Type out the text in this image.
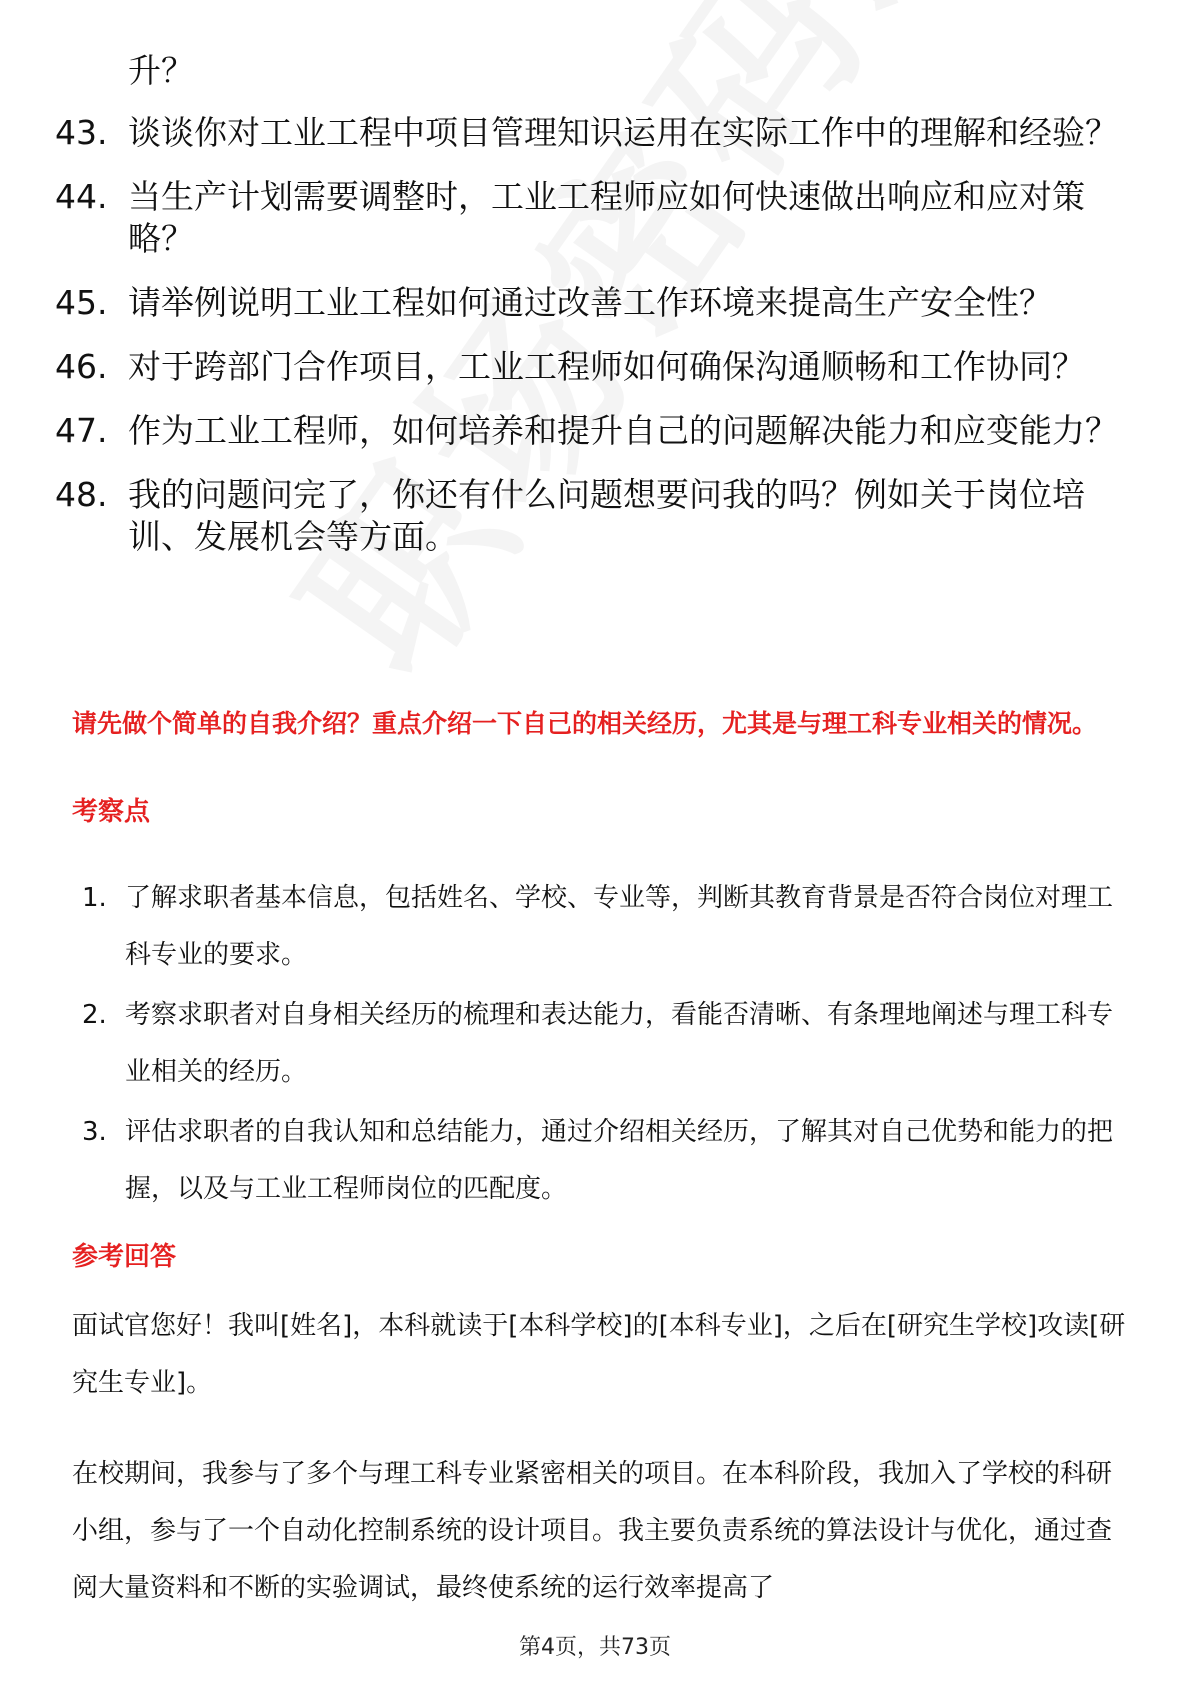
升？
43. 谈谈你对工业工程中项目管理知识运用在实际工作中的理解和经验？
44. 当生产计划需要调整时，工业工程师应如何快速做出响应和应对策略？
45. 请举例说明工业工程如何通过改善工作环境来提高生产安全性？
46. 对于跨部门合作项目，工业工程师如何确保沟通顺畅和工作协同？
47. 作为工业工程师，如何培养和提升自己的问题解决能力和应变能力？
48. 我的问题问完了，你还有什么问题想要问我的吗？例如关于岗位培训、发展机会等方面。
请先做个简单的自我介绍？重点介绍一下自己的相关经历，尤其是与理工科专业相关的情况。
考察点
1. 了解求职者基本信息，包括姓名、学校、专业等，判断其教育背景是否符合岗位对理工科专业的要求。
2. 考察求职者对自身相关经历的梳理和表达能力，看能否清晰、有条理地阐述与理工科专业相关的经历。
3. 评估求职者的自我认知和总结能力，通过介绍相关经历，了解其对自己优势和能力的把握，以及与工业工程师岗位的匹配度。
参考回答

面试官您好！我叫[姓名]，本科就读于[本科学校]的[本科专业]，之后在[研究生学校]攻读[研究生专业]。

在校期间，我参与了多个与理工科专业紧密相关的项目。在本科阶段，我加入了学校的科研小组，参与了一个自动化控制系统的设计项目。我主要负责系统的算法设计与优化，通过查阅大量资料和不断的实验调试，最终使系统的运行效率提高了

第4页，共73页
